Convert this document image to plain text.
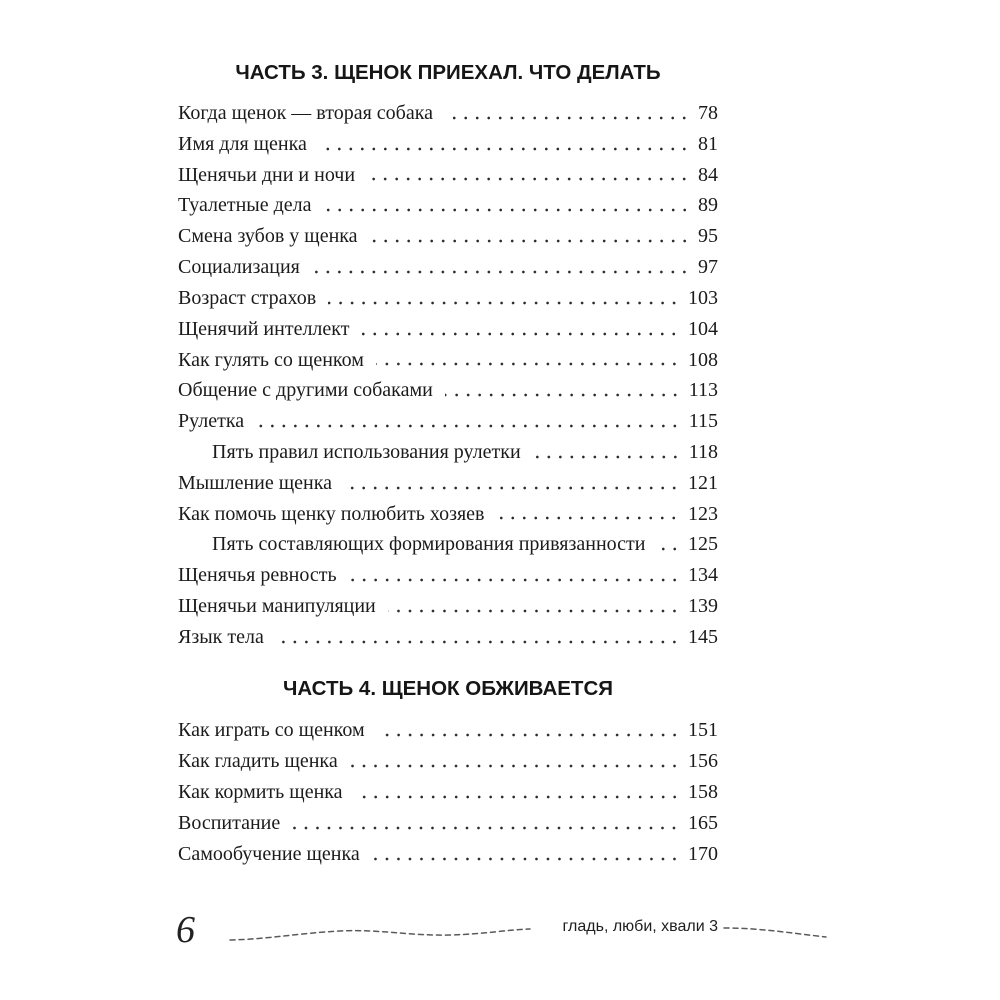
ЧАСТЬ 3. ЩЕНОК ПРИЕХАЛ. ЧТО ДЕЛАТЬ
Когда щенок — вторая собака	78
Имя для щенка	81
Щенячьи дни и ночи	84
Туалетные дела	89
Смена зубов у щенка	95
Социализация	97
Возраст страхов	103
Щенячий интеллект	104
Как гулять со щенком	108
Общение с другими собаками	113
Рулетка	115
Пять правил использования рулетки	118
Мышление щенка	121
Как помочь щенку полюбить хозяев	123
Пять составляющих формирования привязанности 125
Щенячья ревность	134
Щенячьи манипуляции	139
Язык тела	145
ЧАСТЬ 4. ЩЕНОК ОБЖИВАЕТСЯ
Как играть со щенком	151
Как гладить щенка	156
Как кормить щенка	158
Воспитание	165
Самообучение щенка	170
6	гладь, люби, хвали 3
